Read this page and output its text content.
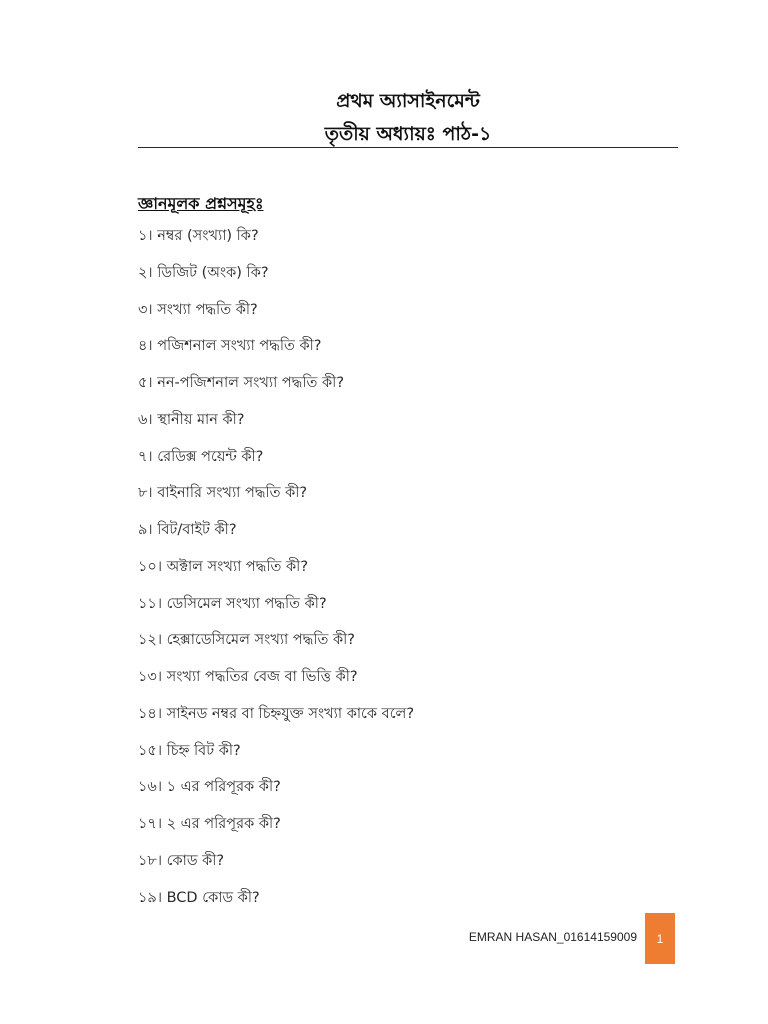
প্রথম অ্যাসাইনমেন্ট
তৃতীয় অধ্যায়ঃ পাঠ-১
জ্ঞানমূলক প্রশ্নসমূহঃ
১। নম্বর (সংখ্যা) কি?
২। ডিজিট (অংক) কি?
৩। সংখ্যা পদ্ধতি কী?
৪। পজিশনাল সংখ্যা পদ্ধতি কী?
৫। নন-পজিশনাল সংখ্যা পদ্ধতি কী?
৬। স্থানীয় মান কী?
৭। রেডিক্স পয়েন্ট কী?
৮। বাইনারি সংখ্যা পদ্ধতি কী?
৯। বিট/বাইট কী?
১০। অক্টাল সংখ্যা পদ্ধতি কী?
১১। ডেসিমেল সংখ্যা পদ্ধতি কী?
১২। হেক্সাডেসিমেল সংখ্যা পদ্ধতি কী?
১৩। সংখ্যা পদ্ধতির বেজ বা ভিত্তি কী?
১৪। সাইনড নম্বর বা চিহ্নযুক্ত সংখ্যা কাকে বলে?
১৫। চিহ্ন বিট কী?
১৬। ১ এর পরিপূরক কী?
১৭। ২ এর পরিপূরক কী?
১৮। কোড কী?
১৯। BCD কোড কী?
EMRAN HASAN_01614159009 1
